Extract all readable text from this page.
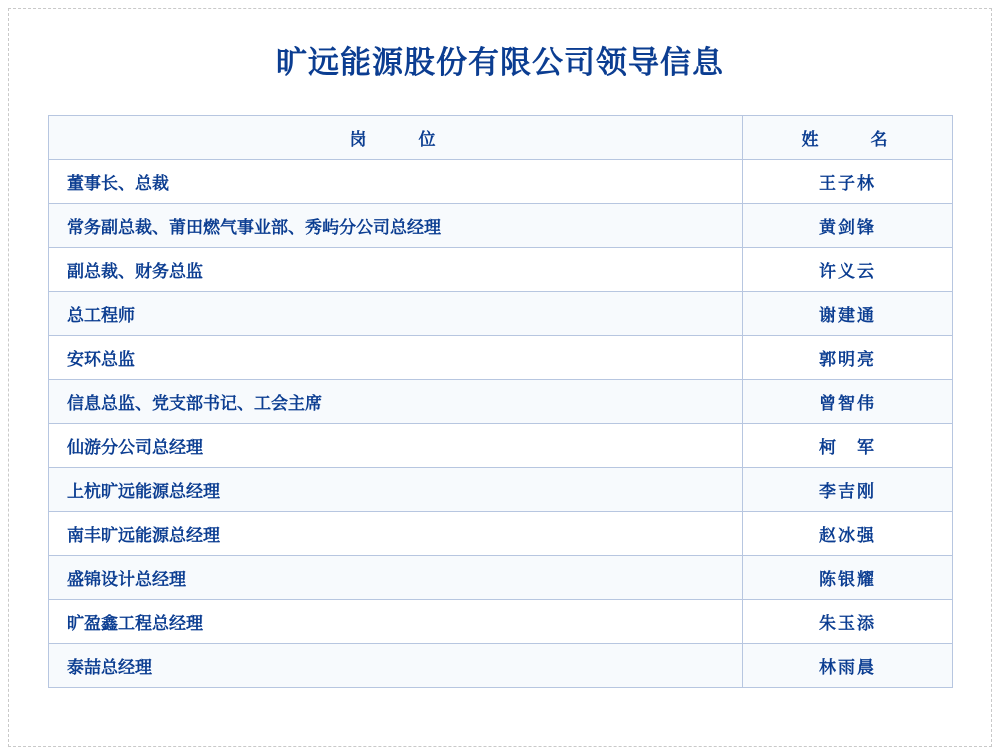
旷远能源股份有限公司领导信息
岗　　位	姓　　名
董事长、总裁	王子林
常务副总裁、莆田燃气事业部、秀屿分公司总经理	黄剑锋
副总裁、财务总监	许义云
总工程师	谢建通
安环总监	郭明亮
信息总监、党支部书记、工会主席	曾智伟
仙游分公司总经理	柯　军
上杭旷远能源总经理	李吉刚
南丰旷远能源总经理	赵冰强
盛锦设计总经理	陈银耀
旷盈鑫工程总经理	朱玉添
泰喆总经理	林雨晨
